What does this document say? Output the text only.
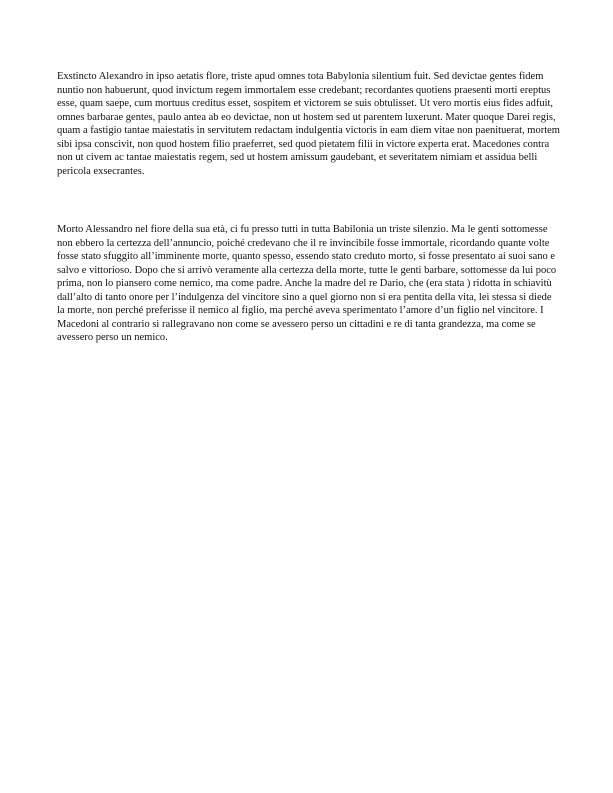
Exstincto Alexandro in ipso aetatis flore, triste apud omnes tota Babylonia silentium fuit. Sed devictae gentes fidem nuntio non habuerunt, quod invictum regem immortalem esse credebant; recordantes quotiens praesenti morti ereptus esse, quam saepe, cum mortuus creditus esset, sospitem et victorem se suis obtulisset. Ut vero mortis eius fides adfuit, omnes barbarae gentes, paulo antea ab eo devictae, non ut hostem sed ut parentem luxerunt. Mater quoque Darei regis, quam a fastigio tantae maiestatis in servitutem redactam indulgentia victoris in eam diem vitae non paenituerat, mortem sibi ipsa conscivit, non quod hostem filio praeferret, sed quod pietatem filii in victore experta erat. Macedones contra non ut civem ac tantae maiestatis regem, sed ut hostem amissum gaudebant, et severitatem nimiam et assidua belli pericola exsecrantes.

Morto Alessandro nel fiore della sua età, ci fu presso tutti in tutta Babilonia un triste silenzio. Ma le genti sottomesse non ebbero la certezza dell’annuncio, poiché credevano che il re invincibile fosse immortale, ricordando quante volte fosse stato sfuggito all’imminente morte, quanto spesso, essendo stato creduto morto, si fosse presentato ai suoi sano e salvo e vittorioso. Dopo che si arrivò veramente alla certezza della morte, tutte le genti barbare, sottomesse da lui poco prima, non lo piansero come nemico, ma come padre. Anche la madre del re Dario, che (era stata ) ridotta in schiavitù dall’alto di tanto onore per l’indulgenza del vincitore sino a quel giorno non si era pentita della vita, lei stessa si diede la morte, non perché preferisse il nemico al figlio, ma perché aveva sperimentato l’amore d’un figlio nel vincitore. I Macedoni al contrario si rallegravano non come se avessero perso un cittadini e re di tanta grandezza, ma come se avessero perso un nemico.
